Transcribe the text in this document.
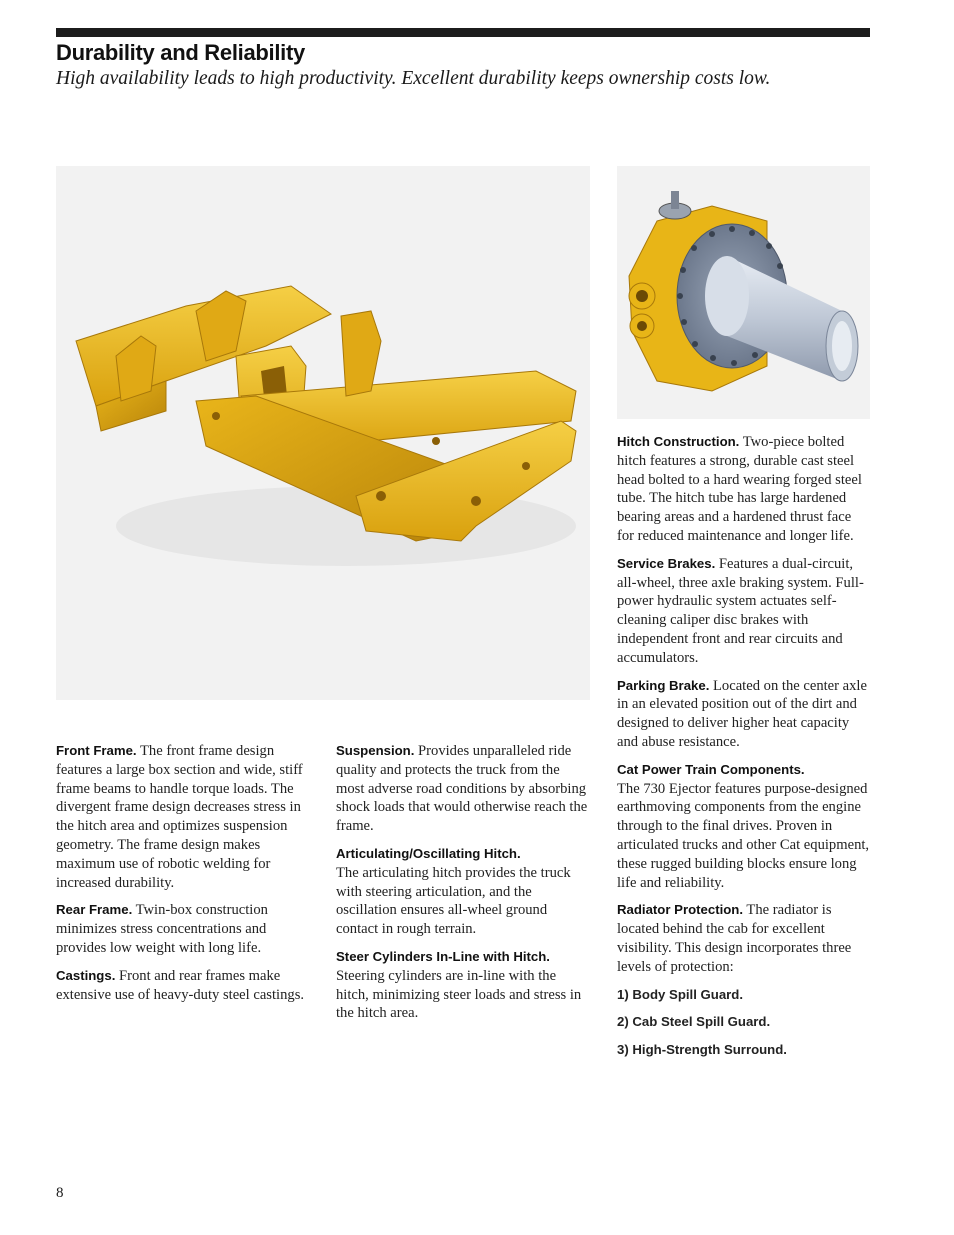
Durability and Reliability

High availability leads to high productivity. Excellent durability keeps ownership costs low.

Front Frame. The front frame design features a large box section and wide, stiff frame beams to handle torque loads. The divergent frame design decreases stress in the hitch area and optimizes suspension geometry. The frame design makes maximum use of robotic welding for increased durability.

Rear Frame. Twin-box construction minimizes stress concentrations and provides low weight with long life.

Castings. Front and rear frames make extensive use of heavy-duty steel castings.

Suspension. Provides unparalleled ride quality and protects the truck from the most adverse road conditions by absorbing shock loads that would otherwise reach the frame.

Articulating/Oscillating Hitch.
The articulating hitch provides the truck with steering articulation, and the oscillation ensures all-wheel ground contact in rough terrain.

Steer Cylinders In-Line with Hitch.
Steering cylinders are in-line with the hitch, minimizing steer loads and stress in the hitch area.

Hitch Construction. Two-piece bolted hitch features a strong, durable cast steel head bolted to a hard wearing forged steel tube. The hitch tube has large hardened bearing areas and a hardened thrust face for reduced maintenance and longer life.

Service Brakes. Features a dual-circuit, all-wheel, three axle braking system. Full-power hydraulic system actuates self-cleaning caliper disc brakes with independent front and rear circuits and accumulators.

Parking Brake. Located on the center axle in an elevated position out of the dirt and designed to deliver higher heat capacity and abuse resistance.

Cat Power Train Components.
The 730 Ejector features purpose-designed earthmoving components from the engine through to the final drives. Proven in articulated trucks and other Cat equipment, these rugged building blocks ensure long life and reliability.

Radiator Protection. The radiator is located behind the cab for excellent visibility. This design incorporates three levels of protection:

1) Body Spill Guard.

2) Cab Steel Spill Guard.

3) High-Strength Surround.

8
